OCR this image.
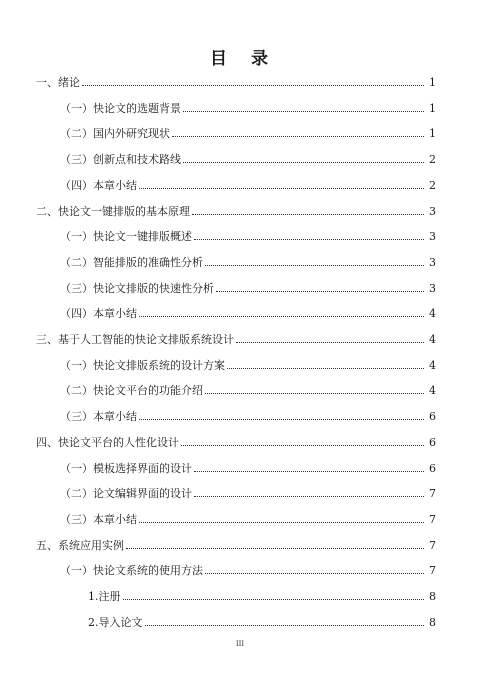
目 录
一、绪论	1
（一）快论文的选题背景	1
（二）国内外研究现状	1
（三）创新点和技术路线	2
（四）本章小结	2
二、快论文一键排版的基本原理	3
（一）快论文一键排版概述	3
（二）智能排版的准确性分析	3
（三）快论文排版的快速性分析	3
（四）本章小结	4
三、基于人工智能的快论文排版系统设计	4
（一）快论文排版系统的设计方案	4
（二）快论文平台的功能介绍	4
（三）本章小结	6
四、快论文平台的人性化设计	6
（一）模板选择界面的设计	6
（二）论文编辑界面的设计	7
（三）本章小结	7
五、系统应用实例	7
（一）快论文系统的使用方法	7
1.注册	8
2.导入论文	8
III
